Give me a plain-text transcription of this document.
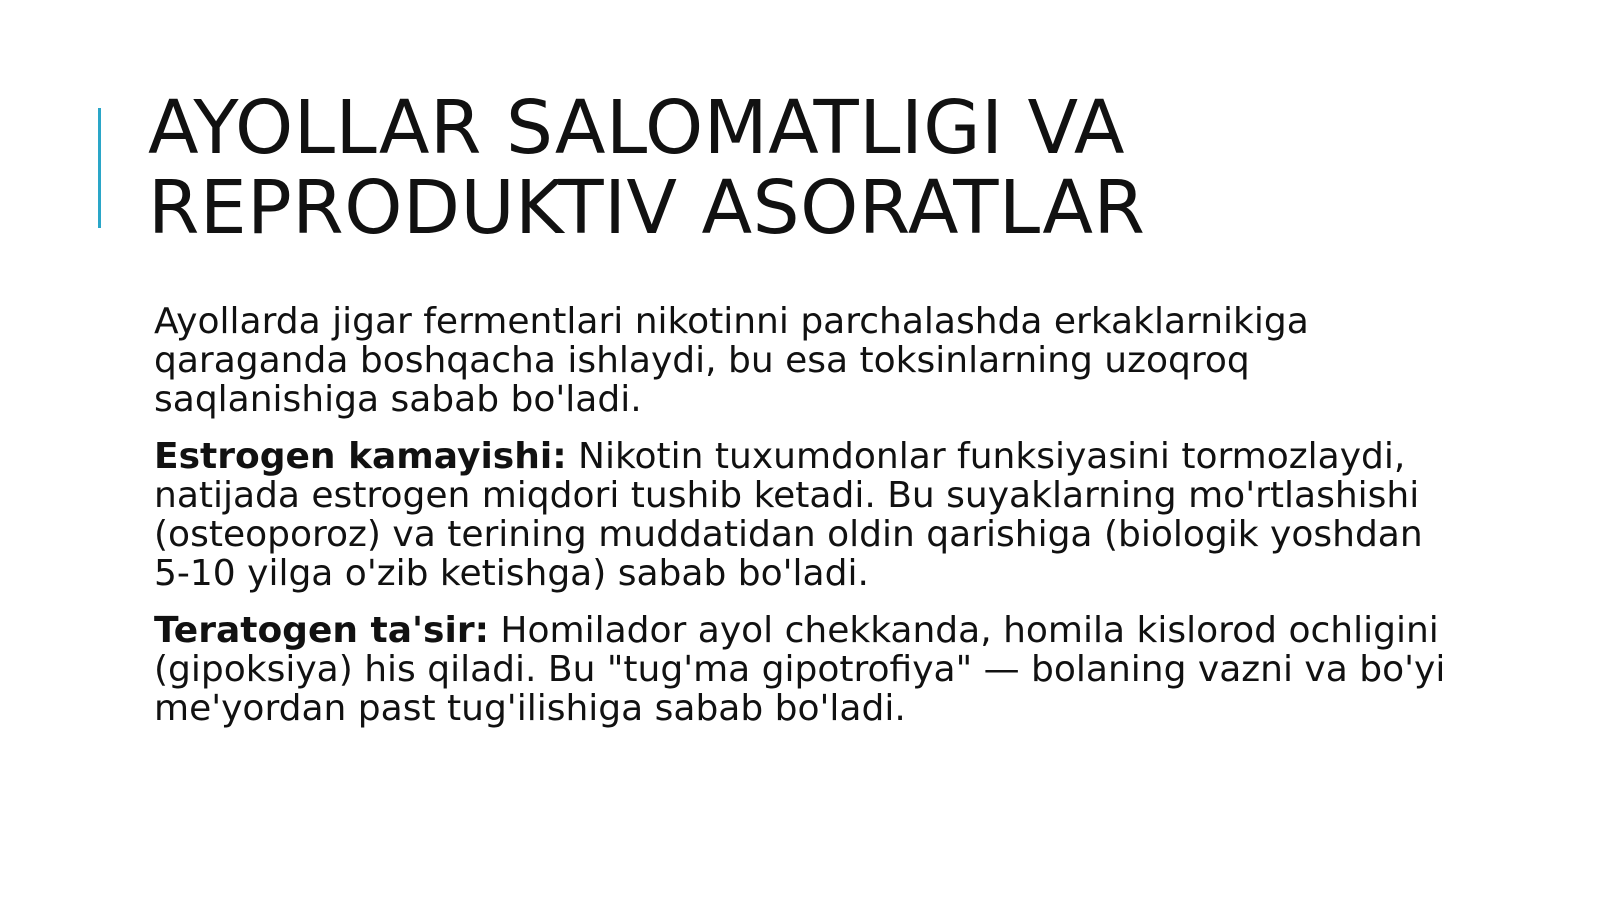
AYOLLAR SALOMATLIGI VA
REPRODUKTIV ASORATLAR

Ayollarda jigar fermentlari nikotinni parchalashda erkaklarnikiga qaraganda boshqacha ishlaydi, bu esa toksinlarning uzoqroq saqlanishiga sabab bo'ladi.

Estrogen kamayishi: Nikotin tuxumdonlar funksiyasini tormozlaydi, natijada estrogen miqdori tushib ketadi. Bu suyaklarning mo'rtlashishi (osteoporoz) va terining muddatidan oldin qarishiga (biologik yoshdan 5-10 yilga o'zib ketishga) sabab bo'ladi.

Teratogen ta'sir: Homilador ayol chekkanda, homila kislorod ochligini (gipoksiya) his qiladi. Bu "tug'ma gipotrofiya" — bolaning vazni va bo'yi me'yordan past tug'ilishiga sabab bo'ladi.
